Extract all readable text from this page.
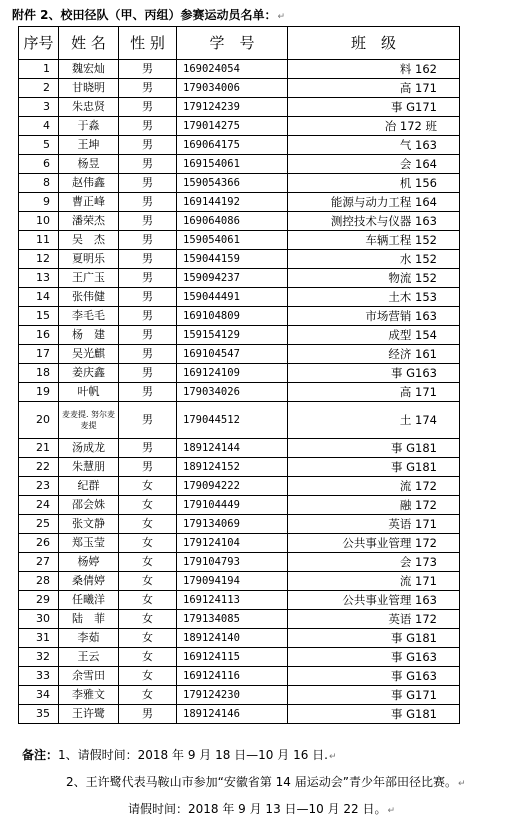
附件 2、校田径队（甲、丙组）参赛运动员名单：↵
序号	姓 名	性 别	学　号	班　级
1	魏宏灿	男	169024054	料 162
2	甘晓明	男	179034006	高 171
3	朱忠贤	男	179124239	事 G171
4	于淼	男	179014275	冶 172 班
5	王坤	男	169064175	气 163
6	杨昱	男	169154061	会 164
8	赵伟鑫	男	159054366	机 156
9	曹正峰	男	169144192	能源与动力工程 164
10	潘荣杰	男	169064086	测控技术与仪器 163
11	吴　杰	男	159054061	车辆工程 152
12	夏明乐	男	159044159	水 152
13	王广玉	男	159094237	物流 152
14	张伟健	男	159044491	土木 153
15	李毛毛	男	169104809	市场营销 163
16	杨　建	男	159154129	成型 154
17	吴光麒	男	169104547	经济 161
18	姜庆鑫	男	169124109	事 G163
19	叶帆	男	179034026	高 171
20	麦麦提. 努尔麦麦提	男	179044512	土 174
21	汤成龙	男	189124144	事 G181
22	朱慧朋	男	189124152	事 G181
23	纪群	女	179094222	流 172
24	邵会姝	女	179104449	融 172
25	张文静	女	179134069	英语 171
26	郑玉莹	女	179124104	公共事业管理 172
27	杨婷	女	179104793	会 173
28	桑倩婷	女	179094194	流 171
29	任曦洋	女	169124113	公共事业管理 163
30	陆　菲	女	179134085	英语 172
31	李茹	女	189124140	事 G181
32	王云	女	169124115	事 G163
33	余雪田	女	169124116	事 G163
34	李雅文	女	179124230	事 G171
35	王许鹭	男	189124146	事 G181
备注：1、请假时间：2018 年 9 月 18 日—10 月 16 日.↵
2、王许鹭代表马鞍山市参加“安徽省第 14 届运动会”青少年部田径比赛。↵
请假时间：2018 年 9 月 13 日—10 月 22 日。↵
